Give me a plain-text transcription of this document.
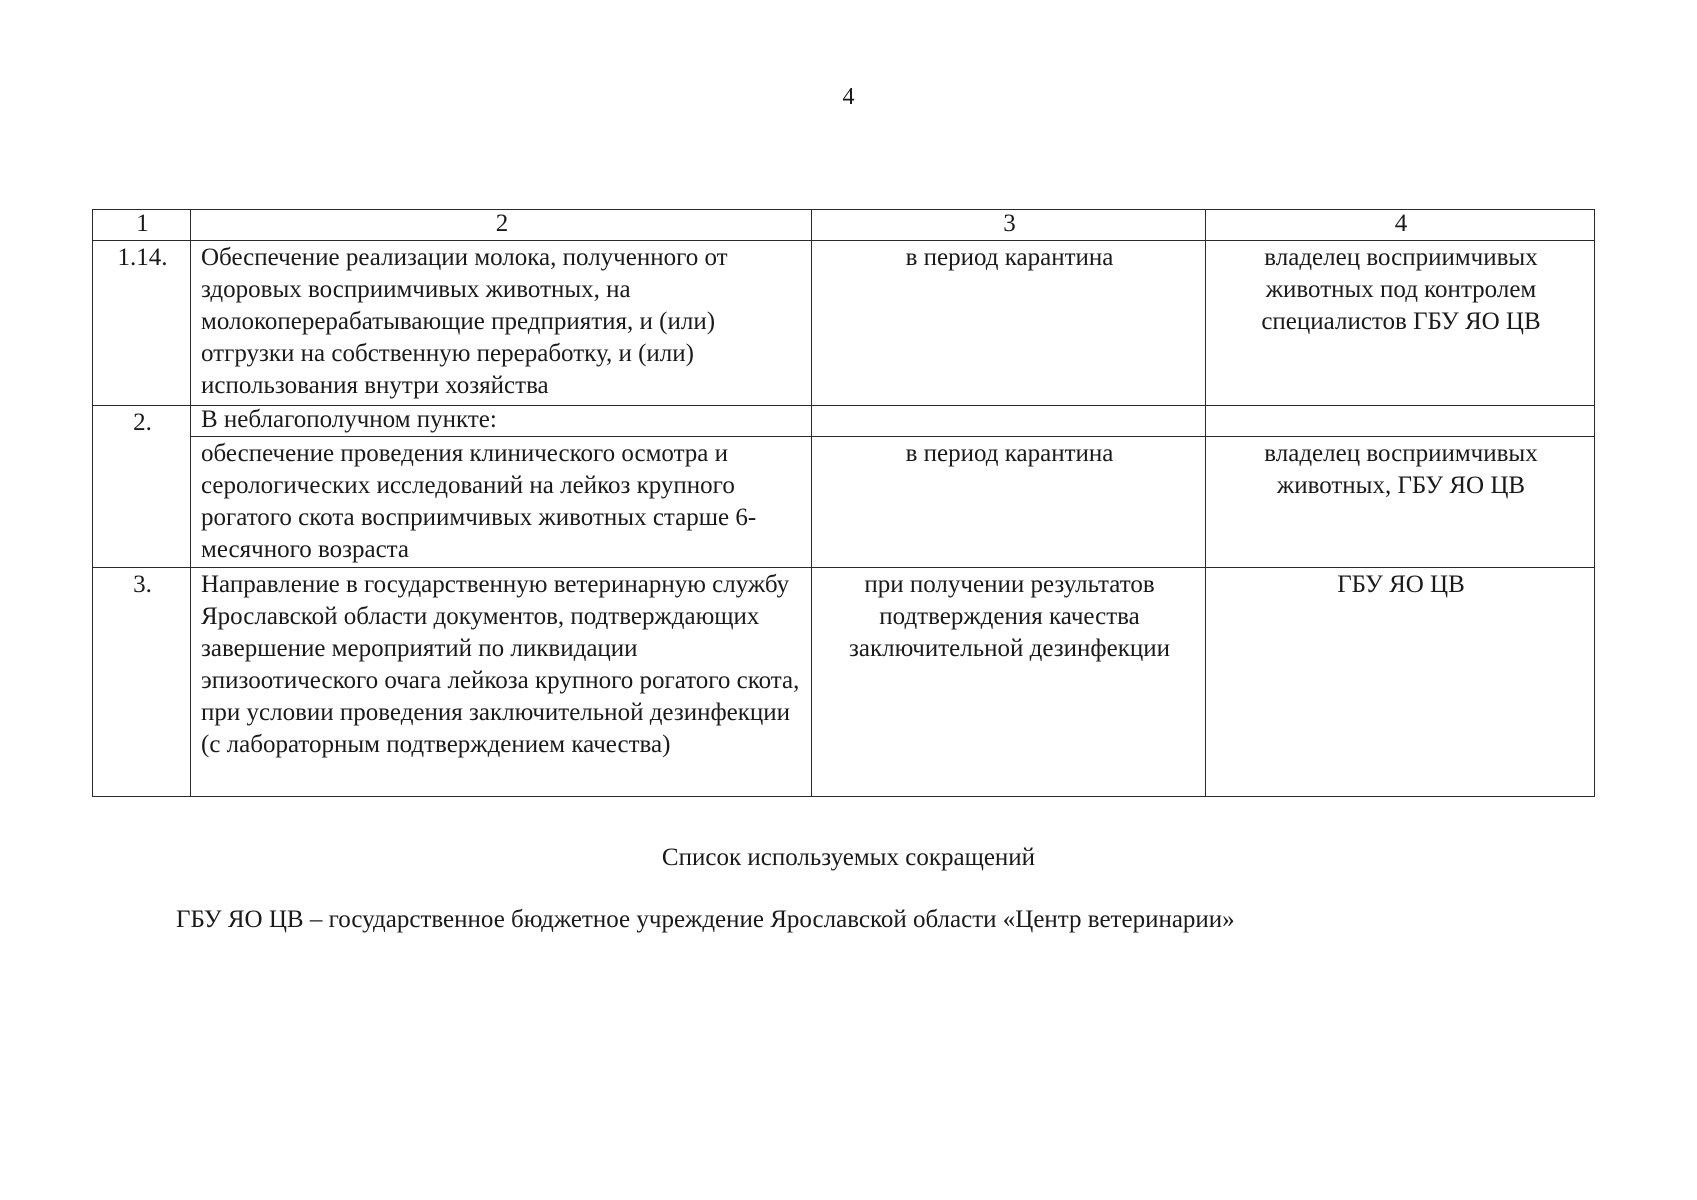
4
1	2	3	4
1.14.	Обеспечение реализации молока, полученного от здоровых восприимчивых животных, на молокоперерабатывающие предприятия, и (или) отгрузки на собственную переработку, и (или) использования внутри хозяйства	в период карантина	владелец восприимчивых животных под контролем специалистов ГБУ ЯО ЦВ
2.	В неблагополучном пункте:		
	обеспечение проведения клинического осмотра и серологических исследований на лейкоз крупного рогатого скота восприимчивых животных старше 6-месячного возраста	в период карантина	владелец восприимчивых животных, ГБУ ЯО ЦВ
3.	Направление в государственную ветеринарную службу Ярославской области документов, подтверждающих завершение мероприятий по ликвидации эпизоотического очага лейкоза крупного рогатого скота, при условии проведения заключительной дезинфекции (с лабораторным подтверждением качества)	при получении результатов подтверждения качества заключительной дезинфекции	ГБУ ЯО ЦВ
Список используемых сокращений
ГБУ ЯО ЦВ – государственное бюджетное учреждение Ярославской области «Центр ветеринарии»
